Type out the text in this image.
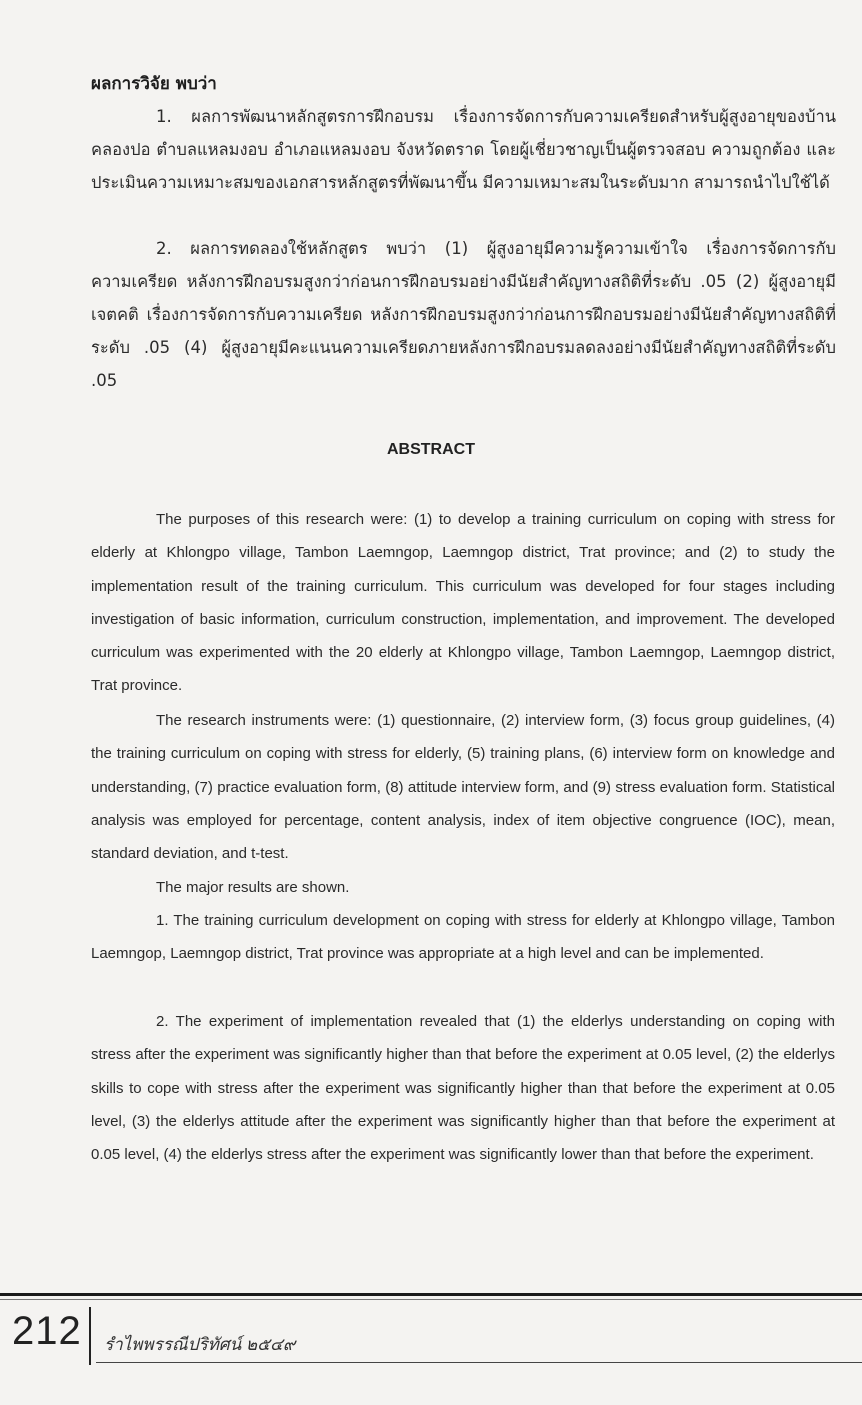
ผลการวิจัย พบว่า

1. ผลการพัฒนาหลักสูตรการฝึกอบรม เรื่องการจัดการกับความเครียดสำหรับผู้สูงอายุของบ้านคลองปอ ตำบลแหลมงอบ อำเภอแหลมงอบ จังหวัดตราด โดยผู้เชี่ยวชาญเป็นผู้ตรวจสอบ ความถูกต้อง และประเมินความเหมาะสมของเอกสารหลักสูตรที่พัฒนาขึ้น มีความเหมาะสมในระดับมาก สามารถนำไปใช้ได้

2. ผลการทดลองใช้หลักสูตร พบว่า (1) ผู้สูงอายุมีความรู้ความเข้าใจ เรื่องการจัดการกับความเครียด หลังการฝึกอบรมสูงกว่าก่อนการฝึกอบรมอย่างมีนัยสำคัญทางสถิติที่ระดับ .05 (2) ผู้สูงอายุมีเจตคติ เรื่องการจัดการกับความเครียด หลังการฝึกอบรมสูงกว่าก่อนการฝึกอบรมอย่างมีนัยสำคัญทางสถิติที่ระดับ .05 (4) ผู้สูงอายุมีคะแนนความเครียดภายหลังการฝึกอบรมลดลงอย่างมีนัยสำคัญทางสถิติที่ระดับ .05

ABSTRACT

The purposes of this research were: (1) to develop a training curriculum on coping with stress for elderly at Khlongpo village, Tambon Laemngop, Laemngop district, Trat province; and (2) to study the implementation result of the training curriculum. This curriculum was developed for four stages including investigation of basic information, curriculum construction, implementation, and improvement. The developed curriculum was experimented with the 20 elderly at Khlongpo village, Tambon Laemngop, Laemngop district, Trat province.

The research instruments were: (1) questionnaire, (2) interview form, (3) focus group guidelines, (4) the training curriculum on coping with stress for elderly, (5) training plans, (6) interview form on knowledge and understanding, (7) practice evaluation form, (8) attitude interview form, and (9) stress evaluation form. Statistical analysis was employed for percentage, content analysis, index of item objective congruence (IOC), mean, standard deviation, and t-test.

The major results are shown.

1. The training curriculum development on coping with stress for elderly at Khlongpo village, Tambon Laemngop, Laemngop district, Trat province was appropriate at a high level and can be implemented.

2. The experiment of implementation revealed that (1) the elderlys understanding on coping with stress after the experiment was significantly higher than that before the experiment at 0.05 level, (2) the elderlys skills to cope with stress after the experiment was significantly higher than that before the experiment at 0.05 level, (3) the elderlys attitude after the experiment was significantly higher than that before the experiment at 0.05 level, (4) the elderlys stress after the experiment was significantly lower than that before the experiment.

212 รำไพพรรณีปริทัศน์ ๒๕๔๙
